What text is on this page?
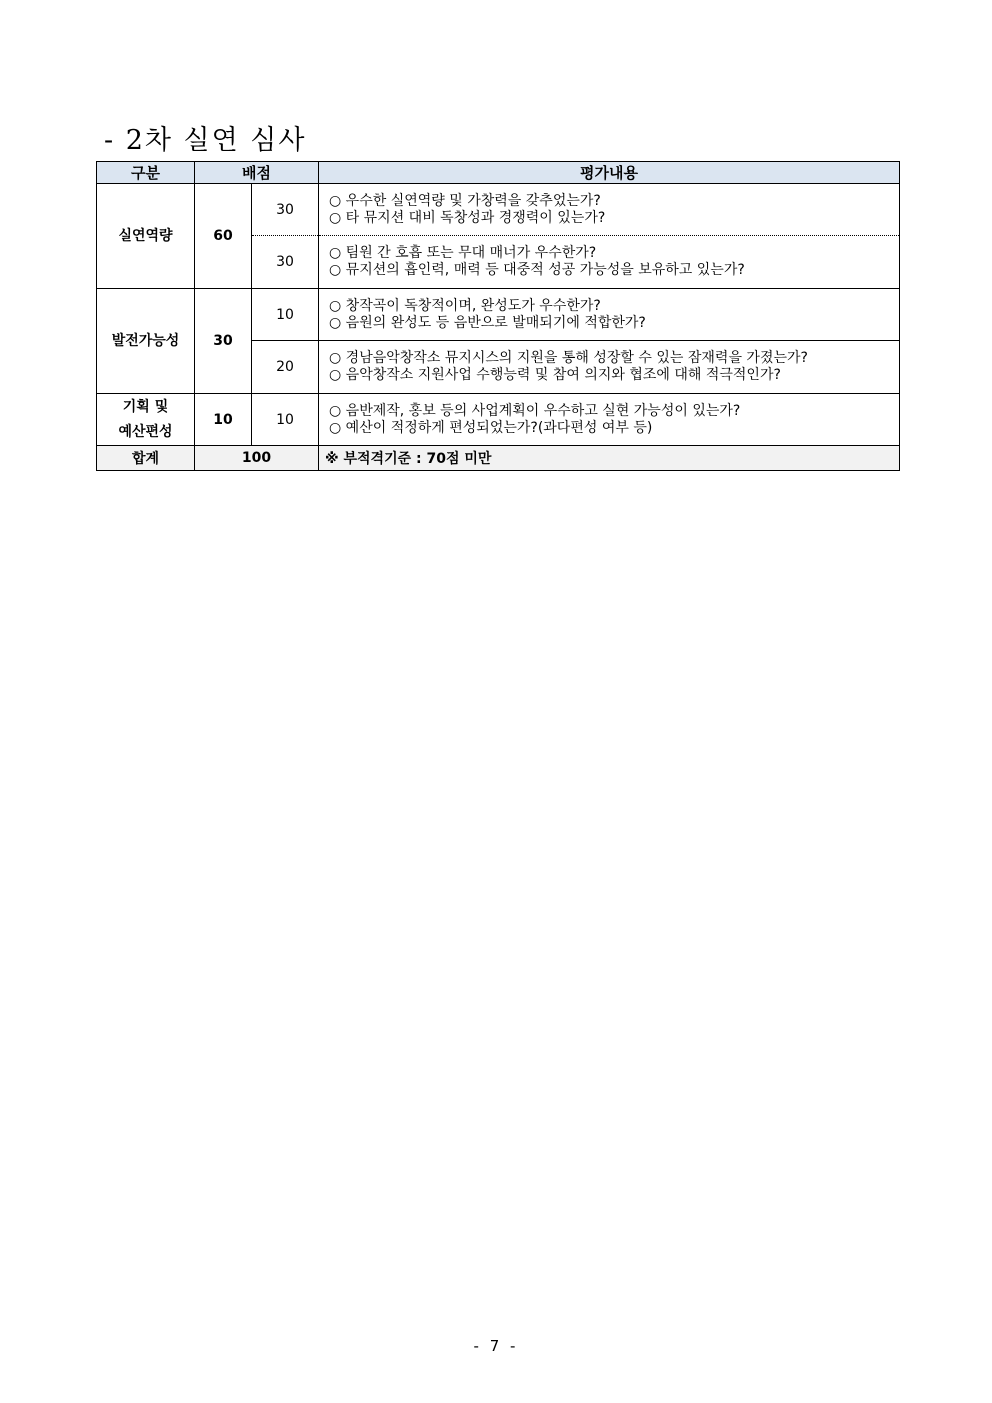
- 2차 실연 심사
구분	배점		평가내용
실연역량	60	30	○ 우수한 실연역량 및 가창력을 갖추었는가?
○ 타 뮤지션 대비 독창성과 경쟁력이 있는가?

		30	○ 팀원 간 호흡 또는 무대 매너가 우수한가?
○ 뮤지션의 흡인력, 매력 등 대중적 성공 가능성을 보유하고 있는가?

발전가능성	30	10	○ 창작곡이 독창적이며, 완성도가 우수한가?
○ 음원의 완성도 등 음반으로 발매되기에 적합한가?

		20	○ 경남음악창작소 뮤지시스의 지원을 통해 성장할 수 있는 잠재력을 가졌는가?
○ 음악창작소 지원사업 수행능력 및 참여 의지와 협조에 대해 적극적인가?

기획 및
예산편성	10	10	○ 음반제작, 홍보 등의 사업계획이 우수하고 실현 가능성이 있는가?
○ 예산이 적정하게 편성되었는가?(과다편성 여부 등)

합계	100		※ 부적격기준 : 70점 미만
- 7 -
